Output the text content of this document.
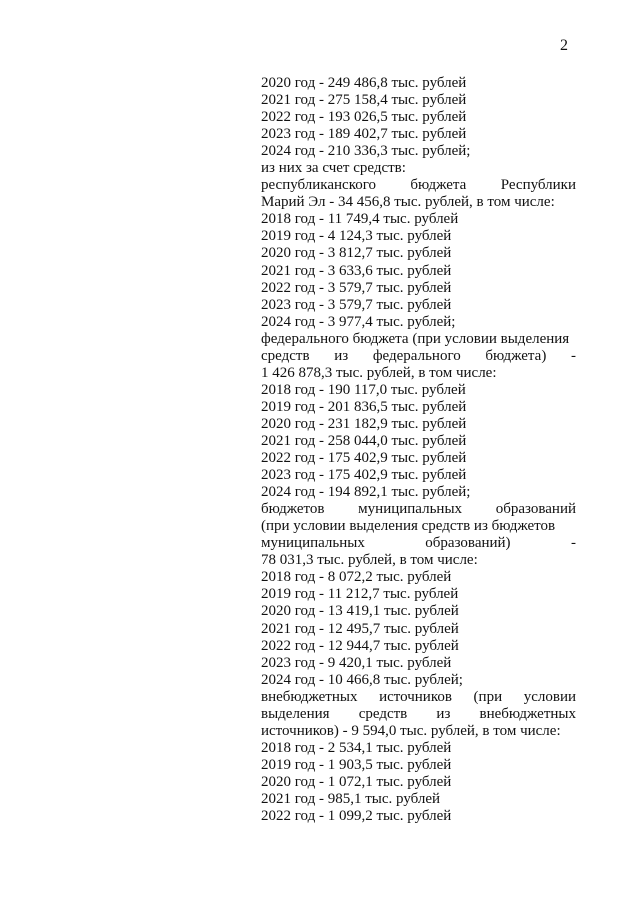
2
2020 год - 249 486,8 тыс. рублей
2021 год - 275 158,4 тыс. рублей
2022 год - 193 026,5 тыс. рублей
2023 год - 189 402,7 тыс. рублей
2024 год - 210 336,3 тыс. рублей;
из них за счет средств:
республиканского бюджета Республики
Марий Эл - 34 456,8 тыс. рублей, в том числе:
2018 год - 11 749,4 тыс. рублей
2019 год - 4 124,3 тыс. рублей
2020 год - 3 812,7 тыс. рублей
2021 год - 3 633,6 тыс. рублей
2022 год - 3 579,7 тыс. рублей
2023 год - 3 579,7 тыс. рублей
2024 год - 3 977,4 тыс. рублей;
федерального бюджета (при условии выделения
средств из федерального бюджета) -
1 426 878,3 тыс. рублей, в том числе:
2018 год - 190 117,0 тыс. рублей
2019 год - 201 836,5 тыс. рублей
2020 год - 231 182,9 тыс. рублей
2021 год - 258 044,0 тыс. рублей
2022 год - 175 402,9 тыс. рублей
2023 год - 175 402,9 тыс. рублей
2024 год - 194 892,1 тыс. рублей;
бюджетов муниципальных образований
(при условии выделения средств из бюджетов
муниципальных образований) -
78 031,3 тыс. рублей, в том числе:
2018 год - 8 072,2 тыс. рублей
2019 год - 11 212,7 тыс. рублей
2020 год - 13 419,1 тыс. рублей
2021 год - 12 495,7 тыс. рублей
2022 год - 12 944,7 тыс. рублей
2023 год - 9 420,1 тыс. рублей
2024 год - 10 466,8 тыс. рублей;
внебюджетных источников (при условии
выделения средств из внебюджетных
источников) - 9 594,0 тыс. рублей, в том числе:
2018 год - 2 534,1 тыс. рублей
2019 год - 1 903,5 тыс. рублей
2020 год - 1 072,1 тыс. рублей
2021 год - 985,1 тыс. рублей
2022 год - 1 099,2 тыс. рублей
